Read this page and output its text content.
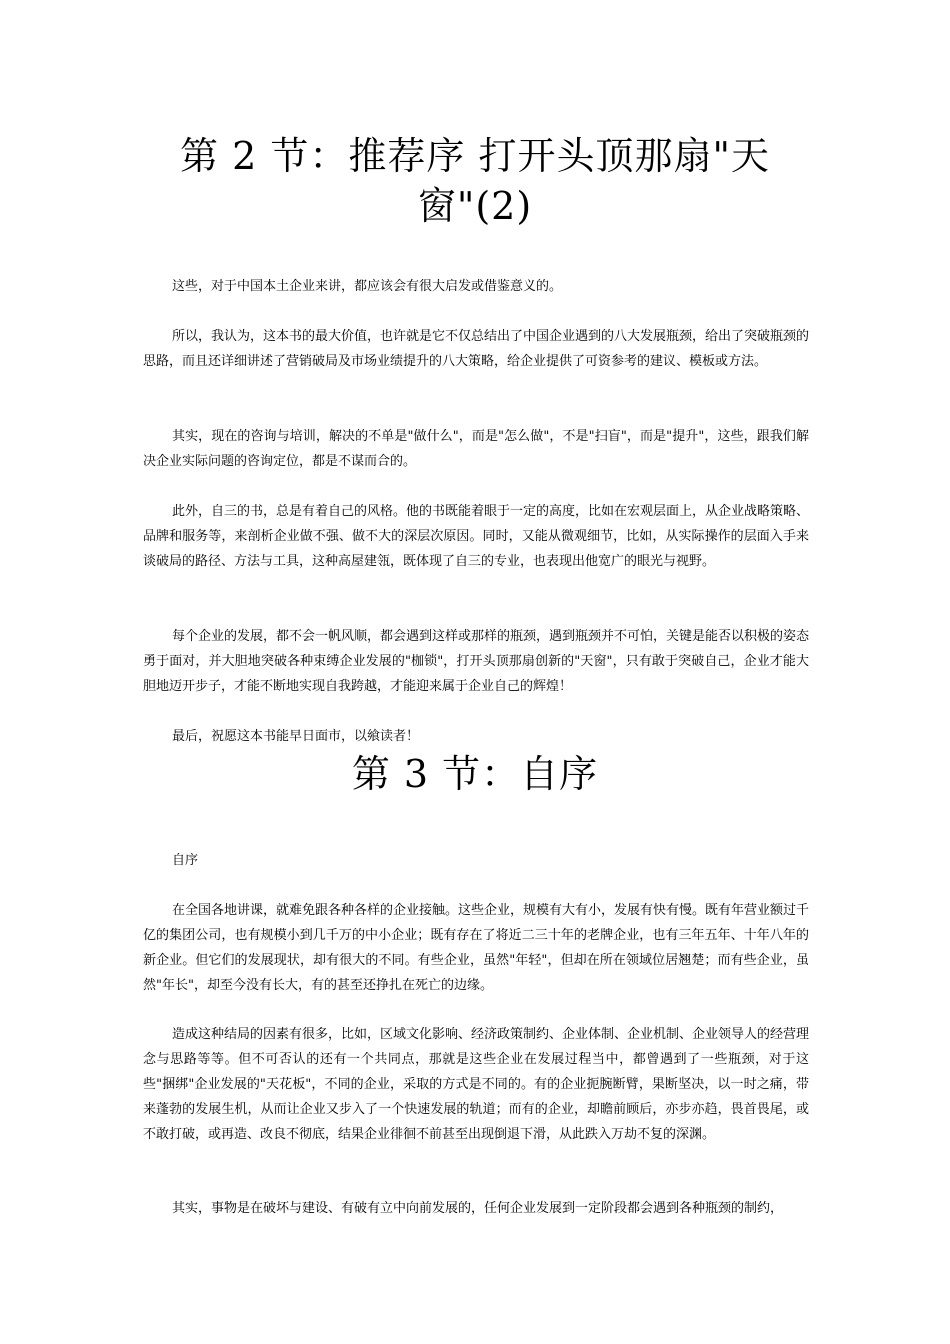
第 2 节：推荐序 打开头顶那扇"天窗"(2)

这些，对于中国本土企业来讲，都应该会有很大启发或借鉴意义的。

所以，我认为，这本书的最大价值，也许就是它不仅总结出了中国企业遇到的八大发展瓶颈，给出了突破瓶颈的思路，而且还详细讲述了营销破局及市场业绩提升的八大策略，给企业提供了可资参考的建议、模板或方法。

其实，现在的咨询与培训，解决的不单是"做什么"，而是"怎么做"，不是"扫盲"，而是"提升"，这些，跟我们解决企业实际问题的咨询定位，都是不谋而合的。

此外，自三的书，总是有着自己的风格。他的书既能着眼于一定的高度，比如在宏观层面上，从企业战略策略、品牌和服务等，来剖析企业做不强、做不大的深层次原因。同时，又能从微观细节，比如，从实际操作的层面入手来谈破局的路径、方法与工具，这种高屋建瓴，既体现了自三的专业，也表现出他宽广的眼光与视野。

每个企业的发展，都不会一帆风顺，都会遇到这样或那样的瓶颈，遇到瓶颈并不可怕，关键是能否以积极的姿态勇于面对，并大胆地突破各种束缚企业发展的"枷锁"，打开头顶那扇创新的"天窗"，只有敢于突破自己，企业才能大胆地迈开步子，才能不断地实现自我跨越，才能迎来属于企业自己的辉煌！

最后，祝愿这本书能早日面市，以飨读者！

第 3 节：自序

自序

在全国各地讲课，就难免跟各种各样的企业接触。这些企业，规模有大有小，发展有快有慢。既有年营业额过千亿的集团公司，也有规模小到几千万的中小企业；既有存在了将近二三十年的老牌企业，也有三年五年、十年八年的新企业。但它们的发展现状，却有很大的不同。有些企业，虽然"年轻"，但却在所在领域位居翘楚；而有些企业，虽然"年长"，却至今没有长大，有的甚至还挣扎在死亡的边缘。

造成这种结局的因素有很多，比如，区域文化影响、经济政策制约、企业体制、企业机制、企业领导人的经营理念与思路等等。但不可否认的还有一个共同点，那就是这些企业在发展过程当中，都曾遇到了一些瓶颈，对于这些"捆绑"企业发展的"天花板"，不同的企业，采取的方式是不同的。有的企业扼腕断臂，果断坚决，以一时之痛，带来蓬勃的发展生机，从而让企业又步入了一个快速发展的轨道；而有的企业，却瞻前顾后，亦步亦趋，畏首畏尾，或不敢打破，或再造、改良不彻底，结果企业徘徊不前甚至出现倒退下滑，从此跌入万劫不复的深渊。

其实，事物是在破坏与建设、有破有立中向前发展的，任何企业发展到一定阶段都会遇到各种瓶颈的制约，
